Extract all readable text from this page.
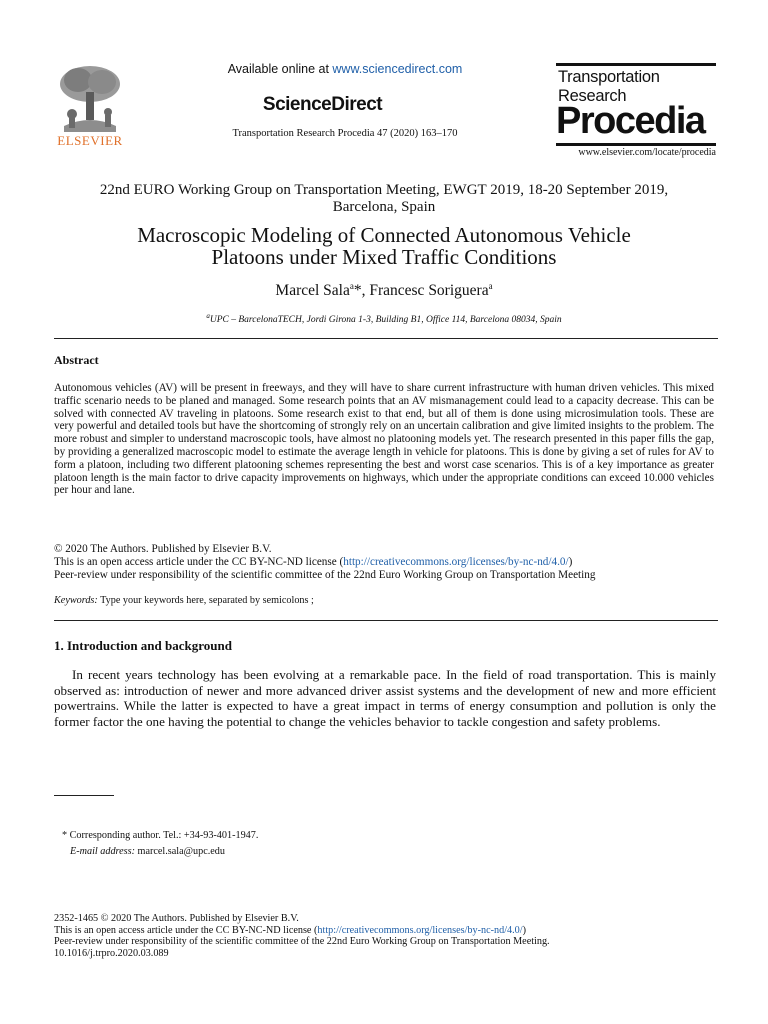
ELSEVIER
Available online at www.sciencedirect.com
ScienceDirect
Transportation Research Procedia 47 (2020) 163–170
Transportation
Research
Procedia
www.elsevier.com/locate/procedia
22nd EURO Working Group on Transportation Meeting, EWGT 2019, 18-20 September 2019,
Barcelona, Spain
Macroscopic Modeling of Connected Autonomous Vehicle
Platoons under Mixed Traffic Conditions
Marcel Sala$^a$*, Francesc Soriguera$^a$
$^a$UPC – BarcelonaTECH, Jordi Girona 1-3, Building B1, Office 114, Barcelona 08034, Spain
Abstract
Autonomous vehicles (AV) will be present in freeways, and they will have to share current infrastructure with human driven vehicles. This mixed traffic scenario needs to be planed and managed. Some research points that an AV mismanagement could lead to a capacity decrease. This can be solved with connected AV traveling in platoons. Some research exist to that end, but all of them is done using microsimulation tools. These are very powerful and detailed tools but have the shortcoming of strongly rely on an uncertain calibration and give limited insights to the problem. The more robust and simpler to understand macroscopic tools, have almost no platooning models yet. The research presented in this paper fills the gap, by providing a generalized macroscopic model to estimate the average length in vehicle for platoons. This is done by giving a set of rules for AV to form a platoon, including two different platooning schemes representing the best and worst case scenarios. This is of a key importance as greater platoon length is the main factor to drive capacity improvements on highways, which under the appropriate conditions can exceed 10.000 vehicles per hour and lane.
© 2020 The Authors. Published by Elsevier B.V.
This is an open access article under the CC BY-NC-ND license (http://creativecommons.org/licenses/by-nc-nd/4.0/)
Peer-review under responsibility of the scientific committee of the 22nd Euro Working Group on Transportation Meeting
Keywords: Type your keywords here, separated by semicolons ;
1. Introduction and background
In recent years technology has been evolving at a remarkable pace. In the field of road transportation. This is mainly observed as: introduction of newer and more advanced driver assist systems and the development of new and more efficient powertrains. While the latter is expected to have a great impact in terms of energy consumption and pollution is only the former factor the one having the potential to change the vehicles behavior to tackle congestion and safety problems.
* Corresponding author. Tel.: +34-93-401-1947.
E-mail address: marcel.sala@upc.edu
2352-1465 © 2020 The Authors. Published by Elsevier B.V.
This is an open access article under the CC BY-NC-ND license (http://creativecommons.org/licenses/by-nc-nd/4.0/)
Peer-review under responsibility of the scientific committee of the 22nd Euro Working Group on Transportation Meeting.
10.1016/j.trpro.2020.03.089
